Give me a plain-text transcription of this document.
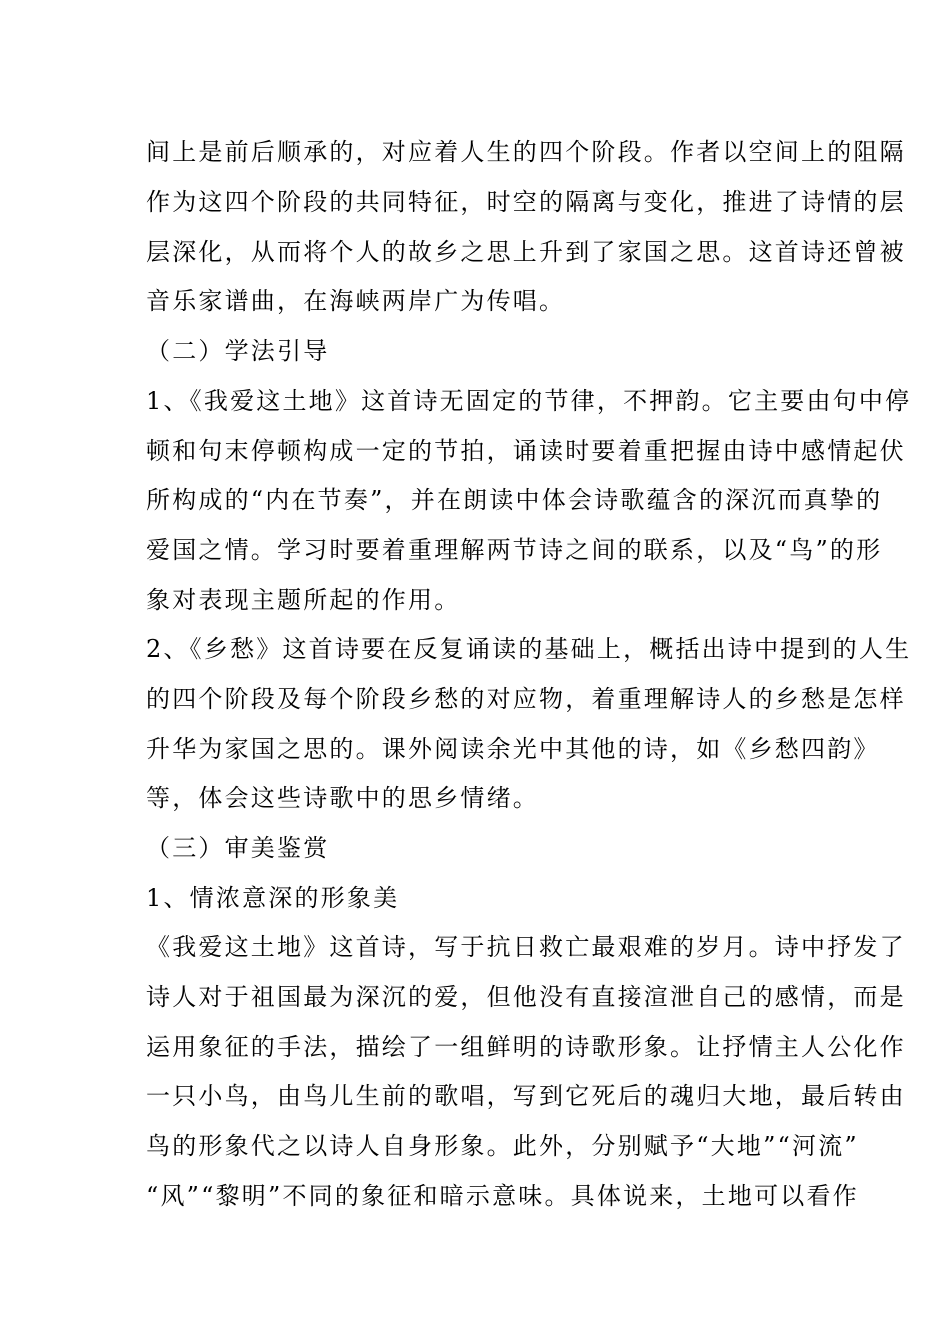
间上是前后顺承的，对应着人生的四个阶段。作者以空间上的阻隔
作为这四个阶段的共同特征，时空的隔离与变化，推进了诗情的层
层深化，从而将个人的故乡之思上升到了家国之思。这首诗还曾被
音乐家谱曲，在海峡两岸广为传唱。
（二）学法引导
1、《我爱这土地》这首诗无固定的节律，不押韵。它主要由句中停
顿和句末停顿构成一定的节拍，诵读时要着重把握由诗中感情起伏
所构成的“内在节奏”，并在朗读中体会诗歌蕴含的深沉而真挚的
爱国之情。学习时要着重理解两节诗之间的联系，以及“鸟”的形
象对表现主题所起的作用。
2、《乡愁》这首诗要在反复诵读的基础上，概括出诗中提到的人生
的四个阶段及每个阶段乡愁的对应物，着重理解诗人的乡愁是怎样
升华为家国之思的。课外阅读余光中其他的诗，如《乡愁四韵》
等，体会这些诗歌中的思乡情绪。
（三）审美鉴赏
1、情浓意深的形象美
《我爱这土地》这首诗，写于抗日救亡最艰难的岁月。诗中抒发了
诗人对于祖国最为深沉的爱，但他没有直接渲泄自己的感情，而是
运用象征的手法，描绘了一组鲜明的诗歌形象。让抒情主人公化作
一只小鸟，由鸟儿生前的歌唱，写到它死后的魂归大地，最后转由
鸟的形象代之以诗人自身形象。此外，分别赋予“大地”“河流”
“风”“黎明”不同的象征和暗示意味。具体说来，土地可以看作
